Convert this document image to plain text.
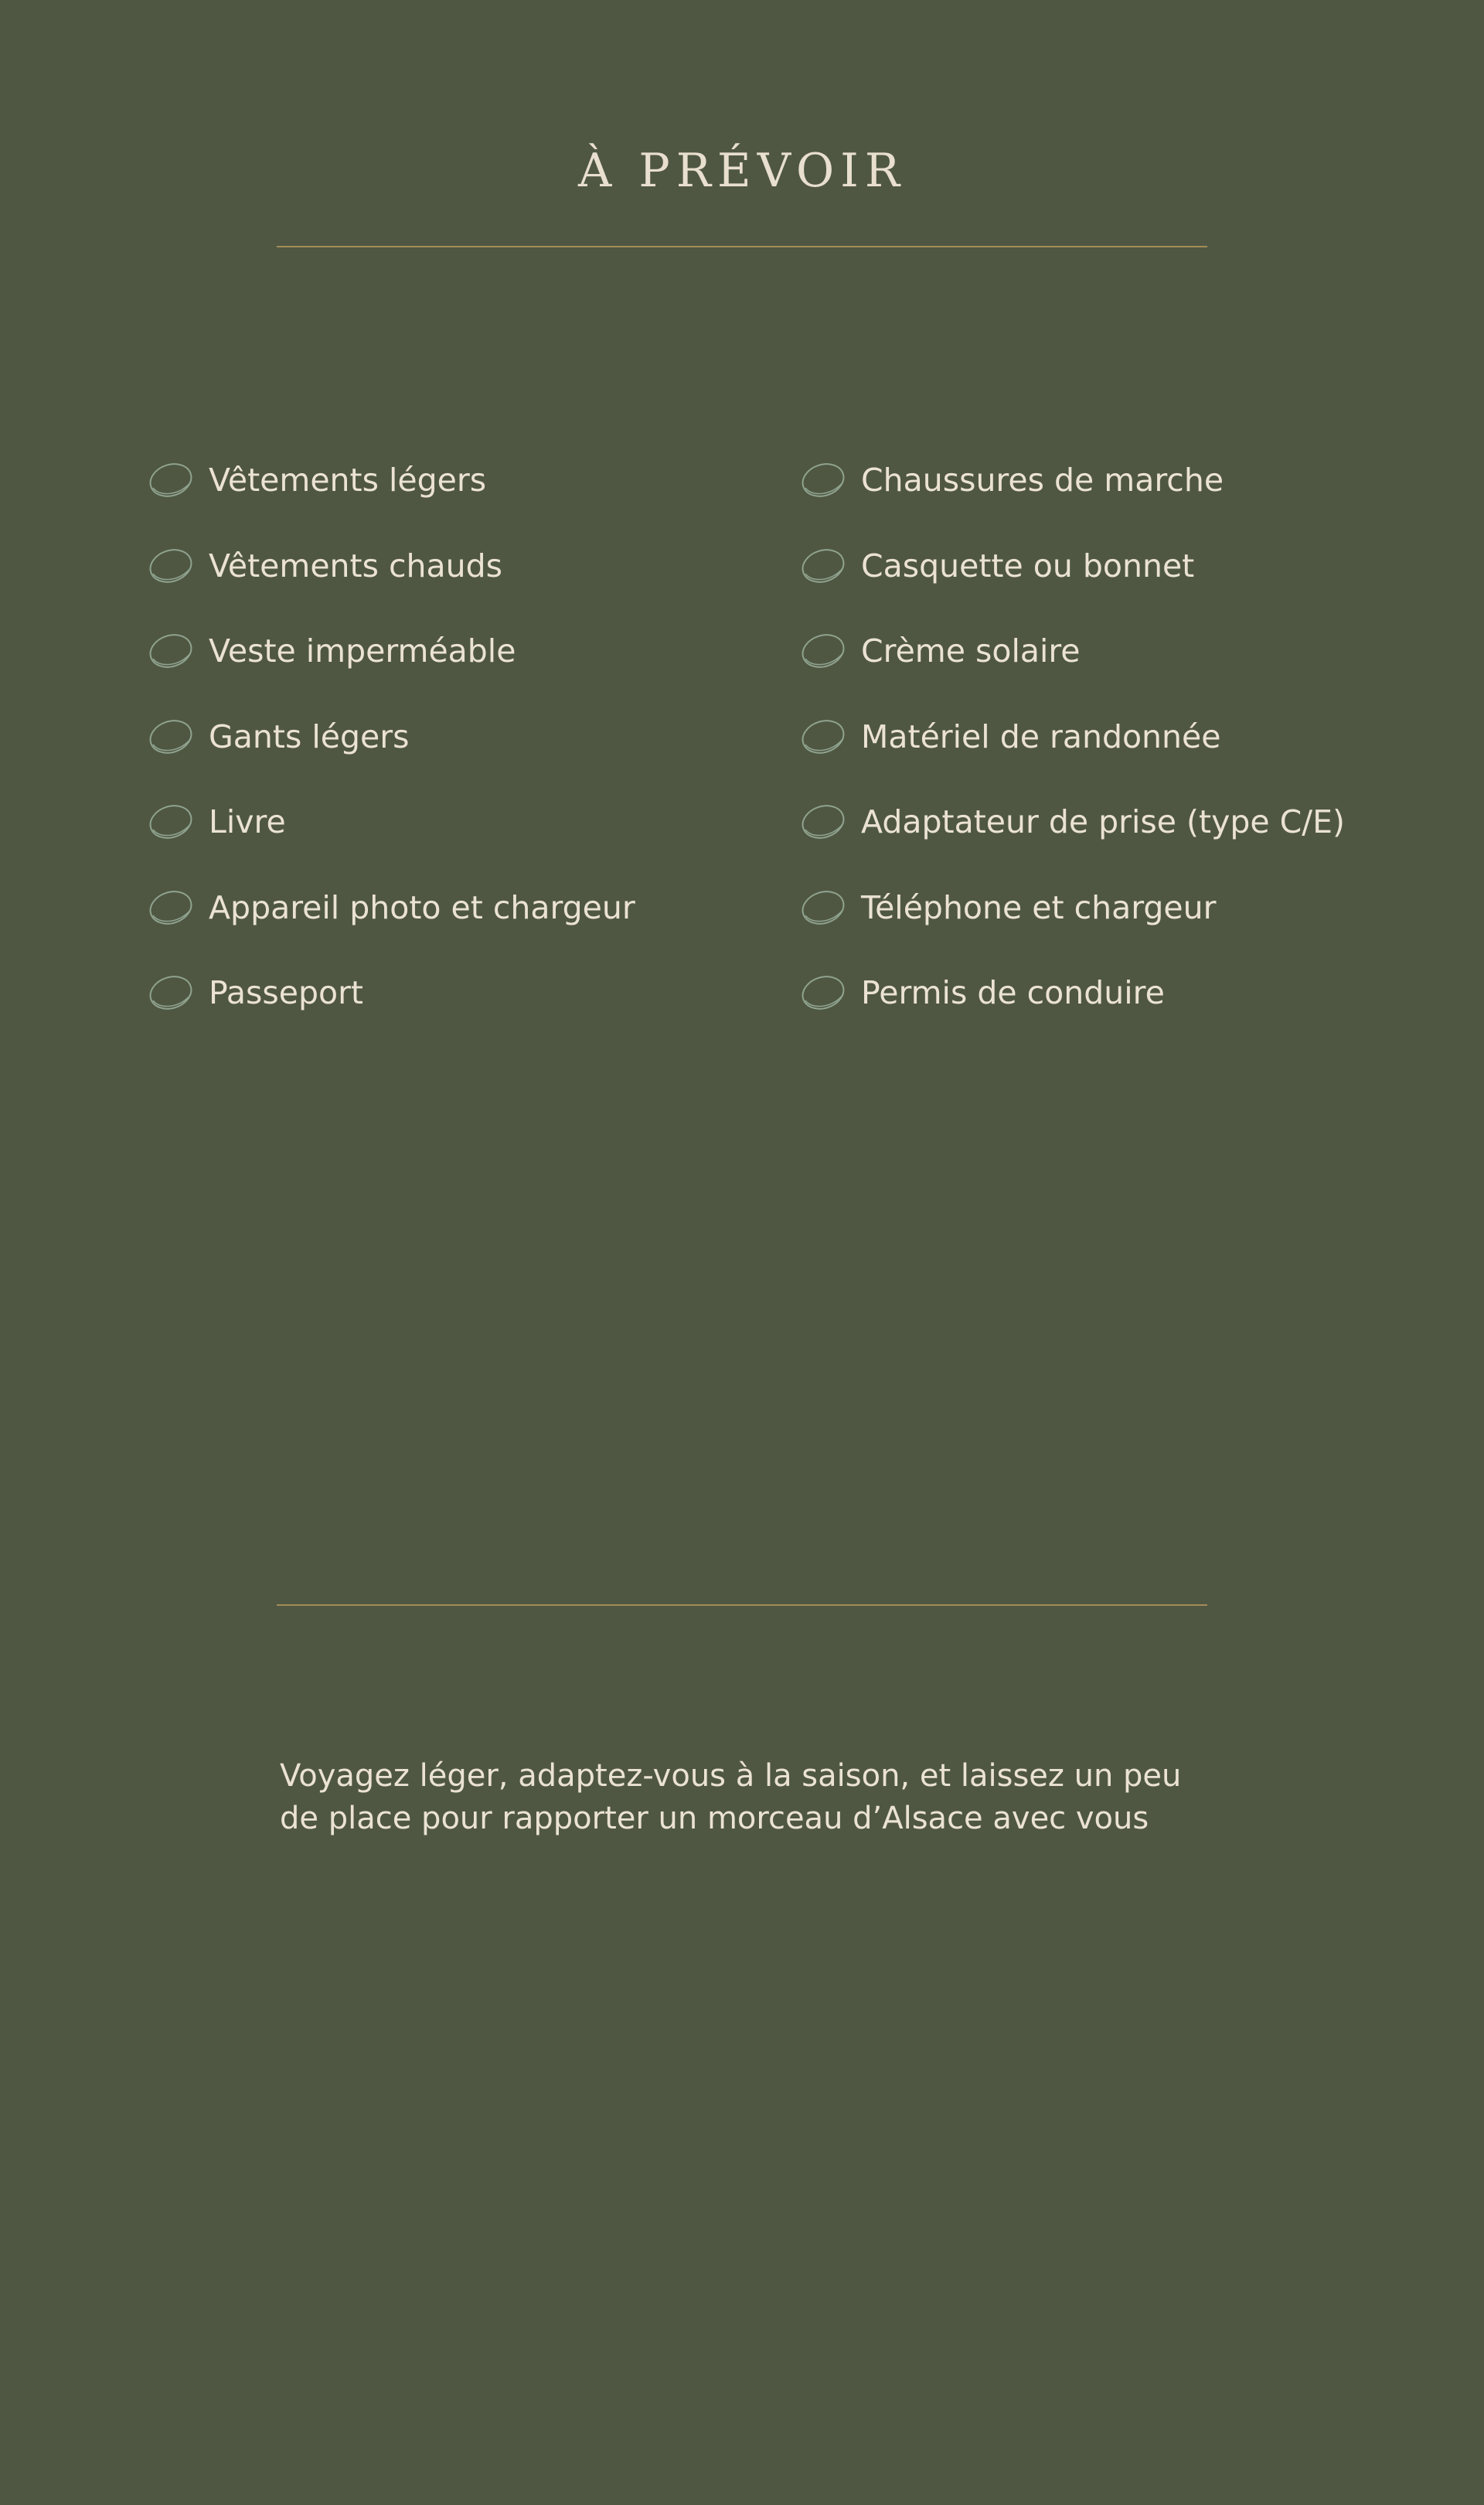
À PRÉVOIR
Vêtements légers
Vêtements chauds
Veste imperméable
Gants légers
Livre
Appareil photo et chargeur
Passeport
Chaussures de marche
Casquette ou bonnet
Crème solaire
Matériel de randonnée
Adaptateur de prise (type C/E)
Téléphone et chargeur
Permis de conduire

Voyagez léger, adaptez-vous à la saison, et laissez un peu de place pour rapporter un morceau d’Alsace avec vous
